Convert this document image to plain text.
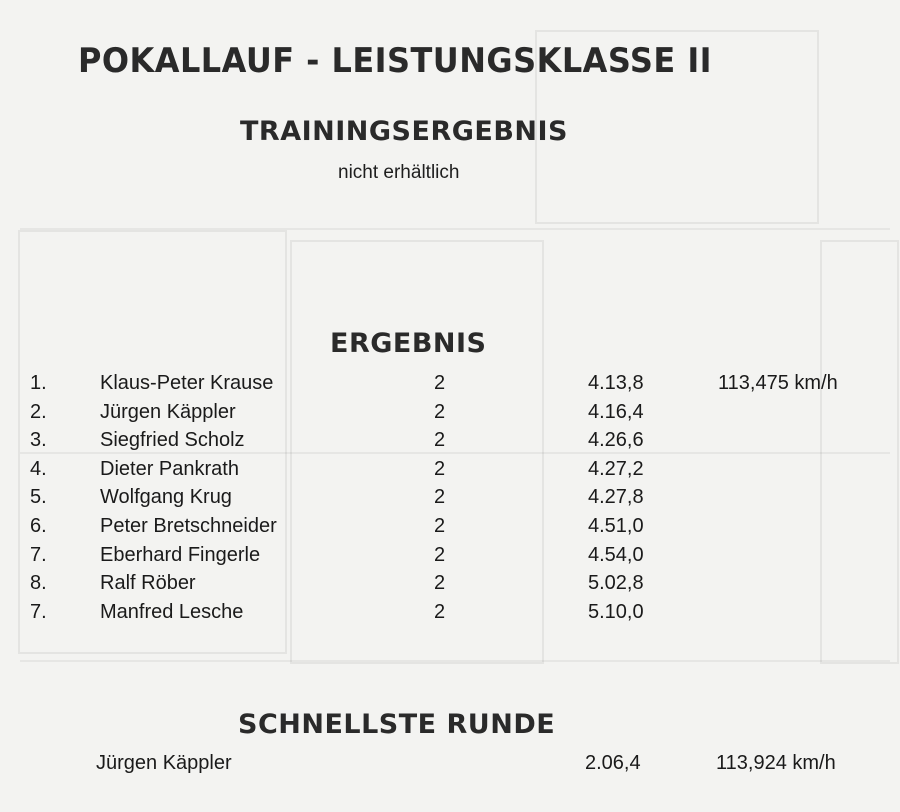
POKALLAUF - LEISTUNGSKLASSE II
TRAININGSERGEBNIS
nicht erhältlich
ERGEBNIS
1.	Klaus-Peter Krause	2	4.13,8	113,475 km/h
2.	Jürgen Käppler	2	4.16,4
3.	Siegfried Scholz	2	4.26,6
4.	Dieter Pankrath	2	4.27,2
5.	Wolfgang Krug	2	4.27,8
6.	Peter Bretschneider	2	4.51,0
7.	Eberhard Fingerle	2	4.54,0
8.	Ralf Röber	2	5.02,8
7.	Manfred Lesche	2	5.10,0
SCHNELLSTE RUNDE
Jürgen Käppler	2.06,4	113,924 km/h
